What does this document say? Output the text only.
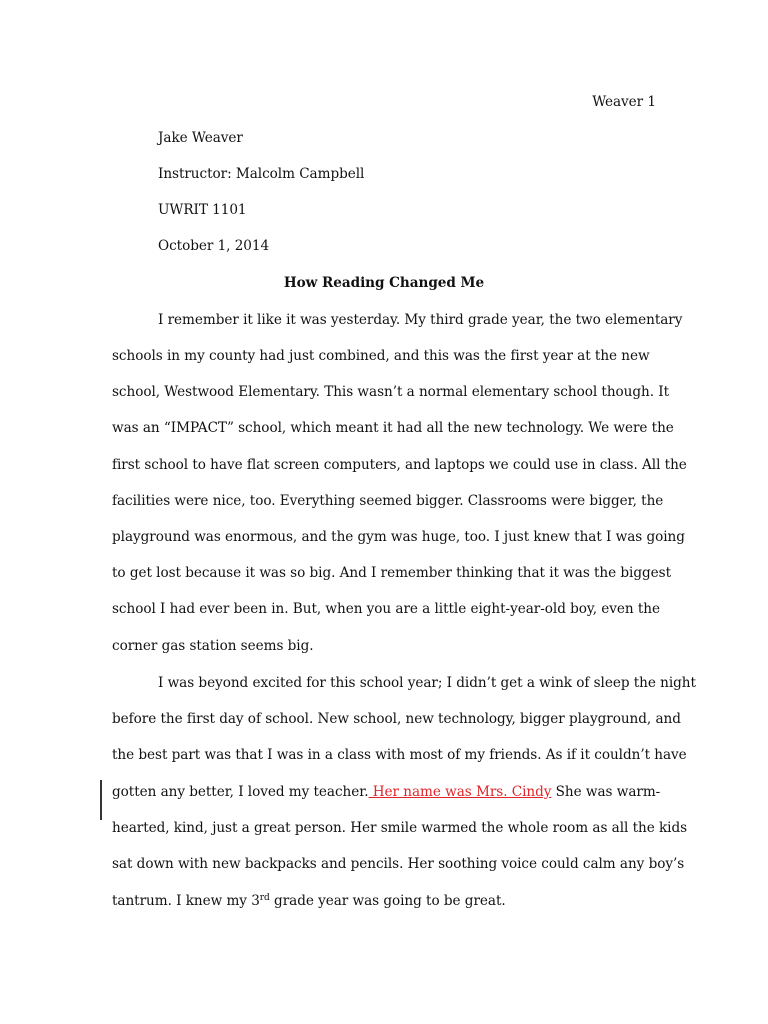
Weaver 1
Jake Weaver
Instructor: Malcolm Campbell
UWRIT 1101
October 1, 2014
How Reading Changed Me
I remember it like it was yesterday. My third grade year, the two elementary
schools in my county had just combined, and this was the first year at the new
school, Westwood Elementary. This wasn’t a normal elementary school though. It
was an “IMPACT” school, which meant it had all the new technology. We were the
first school to have flat screen computers, and laptops we could use in class. All the
facilities were nice, too. Everything seemed bigger. Classrooms were bigger, the
playground was enormous, and the gym was huge, too. I just knew that I was going
to get lost because it was so big. And I remember thinking that it was the biggest
school I had ever been in. But, when you are a little eight-year-old boy, even the
corner gas station seems big.
I was beyond excited for this school year; I didn’t get a wink of sleep the night
before the first day of school. New school, new technology, bigger playground, and
the best part was that I was in a class with most of my friends. As if it couldn’t have
gotten any better, I loved my teacher. Her name was Mrs. Cindy She was warm-
hearted, kind, just a great person. Her smile warmed the whole room as all the kids
sat down with new backpacks and pencils. Her soothing voice could calm any boy’s
tantrum. I knew my 3rd grade year was going to be great.
